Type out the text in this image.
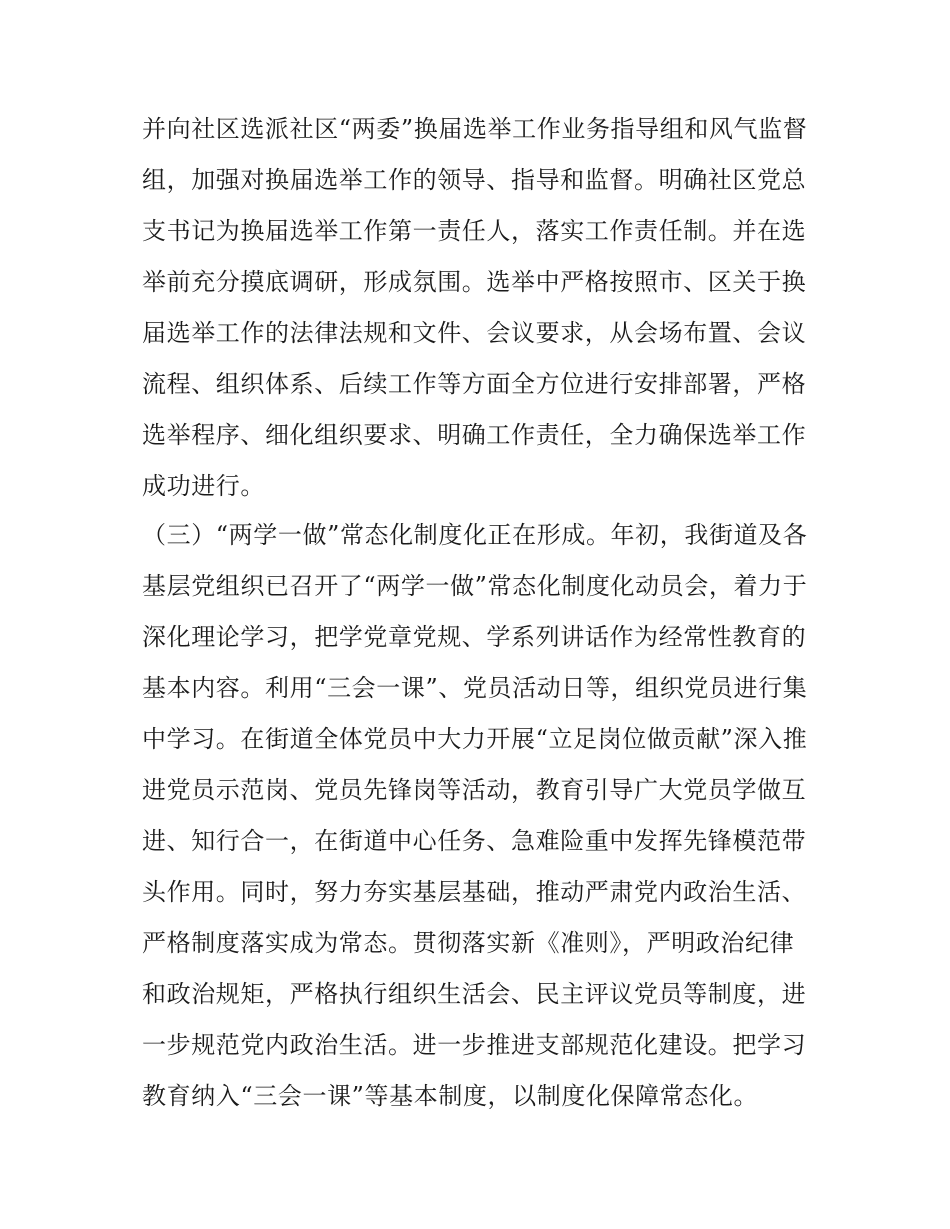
并向社区选派社区“两委”换届选举工作业务指导组和风气监督
组，加强对换届选举工作的领导、指导和监督。明确社区党总
支书记为换届选举工作第一责任人，落实工作责任制。并在选
举前充分摸底调研，形成氛围。选举中严格按照市、区关于换
届选举工作的法律法规和文件、会议要求，从会场布置、会议
流程、组织体系、后续工作等方面全方位进行安排部署，严格
选举程序、细化组织要求、明确工作责任，全力确保选举工作
成功进行。
（三）“两学一做”常态化制度化正在形成。年初，我街道及各
基层党组织已召开了“两学一做”常态化制度化动员会，着力于
深化理论学习，把学党章党规、学系列讲话作为经常性教育的
基本内容。利用“三会一课”、党员活动日等，组织党员进行集
中学习。在街道全体党员中大力开展“立足岗位做贡献”深入推
进党员示范岗、党员先锋岗等活动，教育引导广大党员学做互
进、知行合一，在街道中心任务、急难险重中发挥先锋模范带
头作用。同时，努力夯实基层基础，推动严肃党内政治生活、
严格制度落实成为常态。贯彻落实新《准则》，严明政治纪律
和政治规矩，严格执行组织生活会、民主评议党员等制度，进
一步规范党内政治生活。进一步推进支部规范化建设。把学习
教育纳入“三会一课”等基本制度，以制度化保障常态化。
